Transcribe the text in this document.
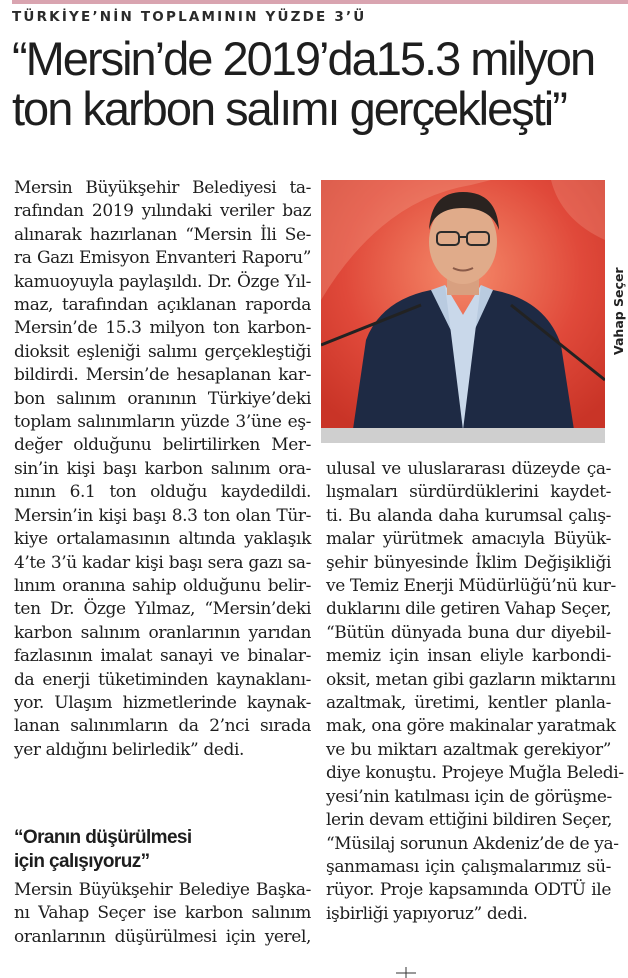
TÜRKİYE’NİN TOPLAMININ YÜZDE 3’Ü
“Mersin’de 2019’da15.3 milyon
ton karbon salımı gerçekleşti”

Mersin Büyükşehir Belediyesi ta-

rafından 2019 yılındaki veriler baz

alınarak hazırlanan “Mersin İli Se-

ra Gazı Emisyon Envanteri Raporu”

kamuoyuyla paylaşıldı. Dr. Özge Yıl-

maz, tarafından açıklanan raporda

Mersin’de 15.3 milyon ton karbon-

dioksit eşleniği salımı gerçekleştiği

bildirdi. Mersin’de hesaplanan kar-

bon salınım oranının Türkiye’deki

toplam salınımların yüzde 3’üne eş-

değer olduğunu belirtilirken Mer-

sin’in kişi başı karbon salınım ora-

nının 6.1 ton olduğu kaydedildi.

Mersin’in kişi başı 8.3 ton olan Tür-

kiye ortalamasının altında yaklaşık

4’te 3’ü kadar kişi başı sera gazı sa-

lınım oranına sahip olduğunu belir-

ten Dr. Özge Yılmaz, “Mersin’deki

karbon salınım oranlarının yarıdan

fazlasının imalat sanayi ve binalar-

da enerji tüketiminden kaynaklanı-

yor. Ulaşım hizmetlerinde kaynak-

lanan salınımların da 2’nci sırada

yer aldığını belirledik” dedi.

Vahap Seçer

ulusal ve uluslararası düzeyde ça-

lışmaları sürdürdüklerini kaydet-

ti. Bu alanda daha kurumsal çalış-

malar yürütmek amacıyla Büyük-

şehir bünyesinde İklim Değişikliği

ve Temiz Enerji Müdürlüğü’nü kur-

duklarını dile getiren Vahap Seçer,

“Bütün dünyada buna dur diyebil-

memiz için insan eliyle karbondi-

oksit, metan gibi gazların miktarını

azaltmak, üretimi, kentler planla-

mak, ona göre makinalar yaratmak

ve bu miktarı azaltmak gerekiyor”

diye konuştu. Projeye Muğla Beledi-

yesi’nin katılması için de görüşme-

lerin devam ettiğini bildiren Seçer,

“Müsilaj sorunun Akdeniz’de de ya-

şanmaması için çalışmalarımız sü-

rüyor. Proje kapsamında ODTÜ ile

işbirliği yapıyoruz” dedi.

“Oranın düşürülmesi
için çalışıyoruz”

Mersin Büyükşehir Belediye Başka-

nı Vahap Seçer ise karbon salınım

oranlarının düşürülmesi için yerel,
